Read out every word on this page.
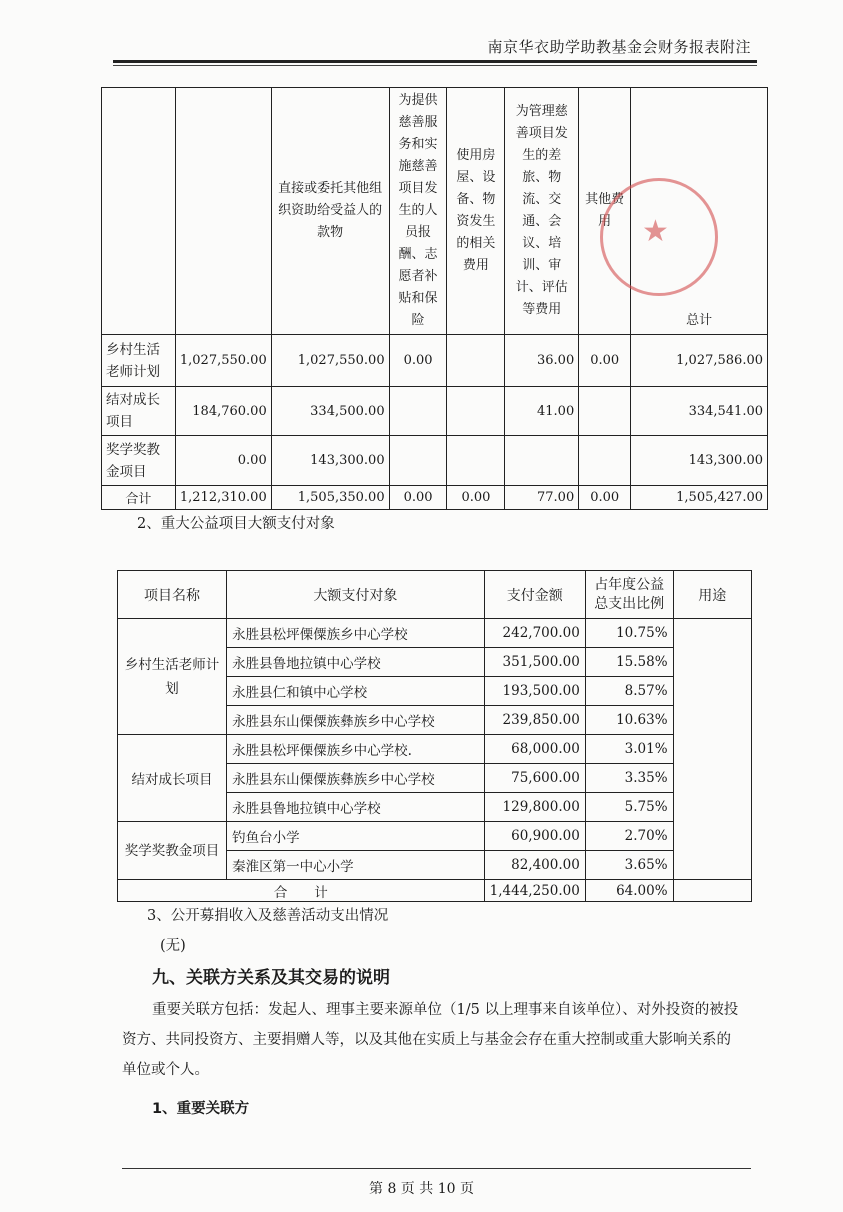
南京华衣助学助教基金会财务报表附注
		直接或委托其他组织资助给受益人的款物	为提供慈善服务和实施慈善项目发生的人员报酬、志愿者补贴和保险	使用房屋、设备、物资发生的相关费用	为管理慈善项目发生的差旅、物流、交通、会议、培训、审计、评估等费用	其他费用	总计
乡村生活老师计划	1,027,550.00	1,027,550.00	0.00		36.00	0.00	1,027,586.00
结对成长项目	184,760.00	334,500.00			41.00		334,541.00
奖学奖教金项目	0.00	143,300.00					143,300.00
合计	1,212,310.00	1,505,350.00	0.00	0.00	77.00	0.00	1,505,427.00
★
2、重大公益项目大额支付对象
项目名称	大额支付对象	支付金额	占年度公益总支出比例	用途
乡村生活老师计划	永胜县松坪傈僳族乡中心学校	242,700.00	10.75%	
	永胜县鲁地拉镇中心学校	351,500.00	15.58%	
	永胜县仁和镇中心学校	193,500.00	8.57%	
	永胜县东山傈僳族彝族乡中心学校	239,850.00	10.63%	
结对成长项目	永胜县松坪傈僳族乡中心学校.	68,000.00	3.01%	
	永胜县东山傈僳族彝族乡中心学校	75,600.00	3.35%	
	永胜县鲁地拉镇中心学校	129,800.00	5.75%	
奖学奖教金项目	钓鱼台小学	60,900.00	2.70%	
	秦淮区第一中心小学	82,400.00	3.65%	
合　　计		1,444,250.00	64.00%	
3、公开募捐收入及慈善活动支出情况
(无)
九、关联方关系及其交易的说明
重要关联方包括：发起人、理事主要来源单位（1/5 以上理事来自该单位）、对外投资的被投资方、共同投资方、主要捐赠人等，以及其他在实质上与基金会存在重大控制或重大影响关系的单位或个人。
1、重要关联方
第 8 页 共 10 页
